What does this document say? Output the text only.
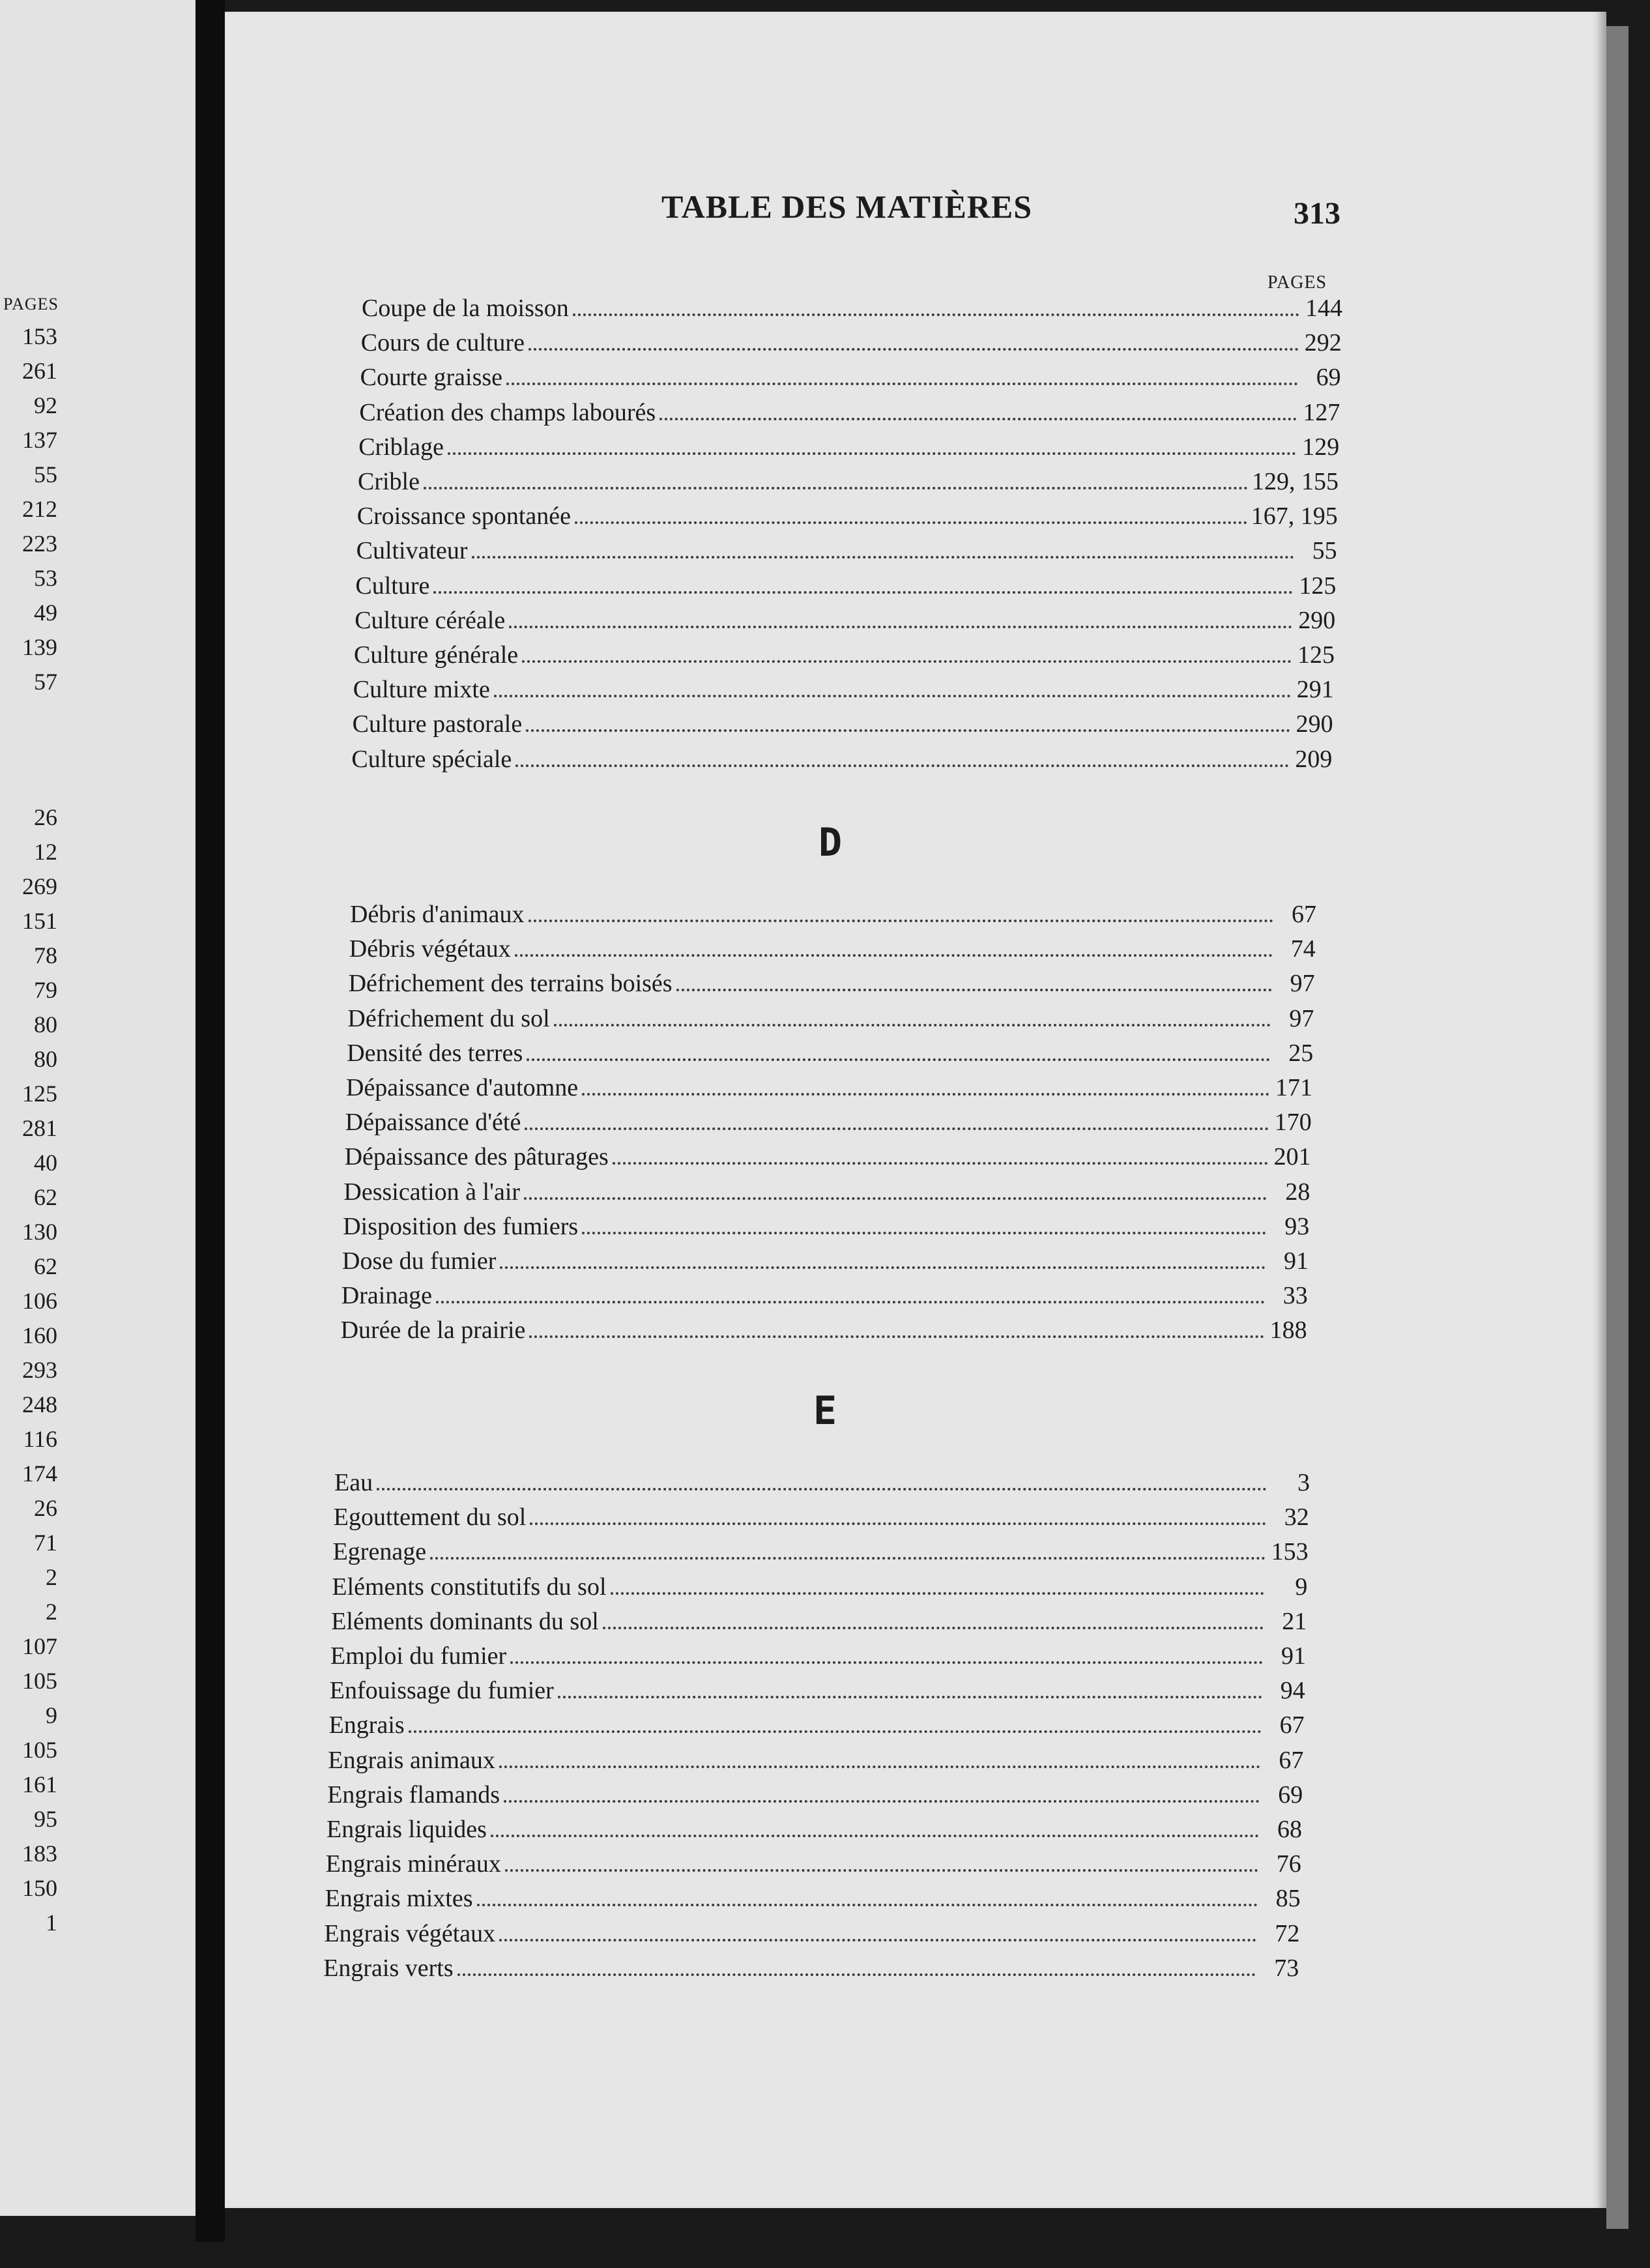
PAGES
153
261
92
137
55
212
223
53
49
139
57
26
12
269
151
78
79
80
80
125
281
40
62
130
62
106
160
293
248
116
174
26
71
2
2
107
105
9
105
161
95
183
150
1
TABLE DES MATIÈRES	313
PAGES
Coupe de la moisson	144
Cours de culture	292
Courte graisse	69
Création des champs labourés	127
Criblage	129
Crible	129, 155
Croissance spontanée	167, 195
Cultivateur	55
Culture	125
Culture céréale	290
Culture générale	125
Culture mixte	291
Culture pastorale	290
Culture spéciale	209
Débris d'animaux	67
Débris végétaux	74
Défrichement des terrains boisés	97
Défrichement du sol	97
Densité des terres	25
Dépaissance d'automne	171
Dépaissance d'été	170
Dépaissance des pâturages	201
Dessication à l'air	28
Disposition des fumiers	93
Dose du fumier	91
Drainage	33
Durée de la prairie	188
Eau	3
Egouttement du sol	32
Egrenage	153
Eléments constitutifs du sol	9
Eléments dominants du sol	21
Emploi du fumier	91
Enfouissage du fumier	94
Engrais	67
Engrais animaux	67
Engrais flamands	69
Engrais liquides	68
Engrais minéraux	76
Engrais mixtes	85
Engrais végétaux	72
Engrais verts	73
D
E
